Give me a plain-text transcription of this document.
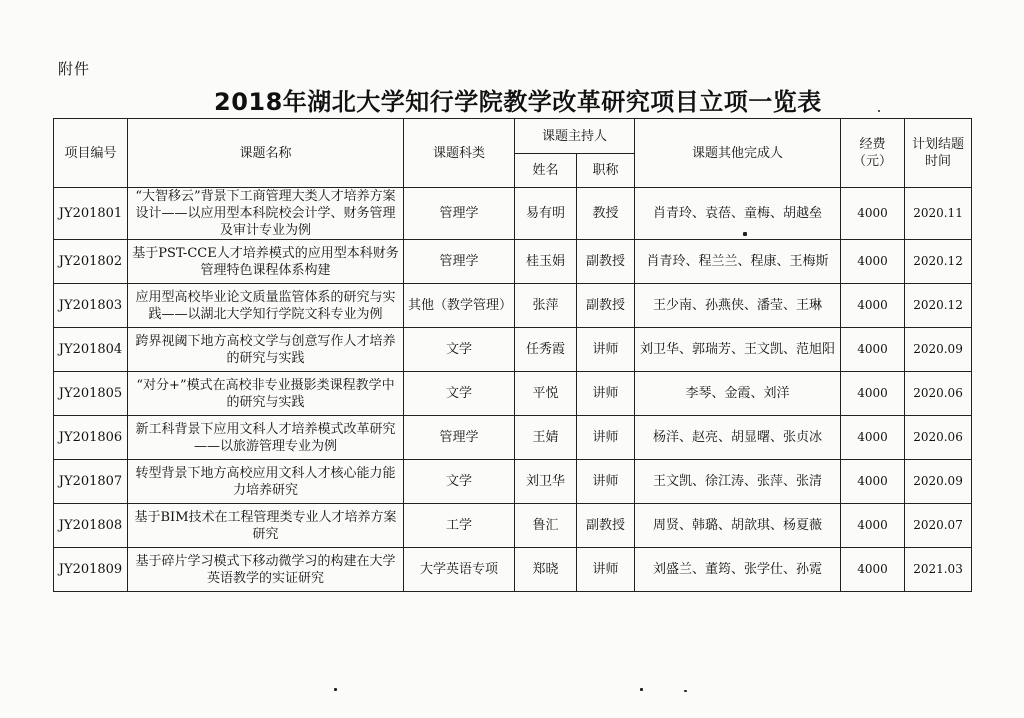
附件
2018年湖北大学知行学院教学改革研究项目立项一览表
项目编号	课题名称	课题科类	课题主持人		课题其他完成人	经费（元）	计划结题时间
			姓名	职称			
JY201801	“大智移云”背景下工商管理大类人才培养方案设计——以应用型本科院校会计学、财务管理及审计专业为例	管理学	易有明	教授	肖青玲、袁蓓、童梅、胡越垒	4000	2020.11
JY201802	基于PST-CCE人才培养模式的应用型本科财务管理特色课程体系构建	管理学	桂玉娟	副教授	肖青玲、程兰兰、程康、王梅斯	4000	2020.12
JY201803	应用型高校毕业论文质量监管体系的研究与实践——以湖北大学知行学院文科专业为例	其他（教学管理）	张萍	副教授	王少南、孙燕侠、潘莹、王琳	4000	2020.12
JY201804	跨界视阈下地方高校文学与创意写作人才培养的研究与实践	文学	任秀霞	讲师	刘卫华、郭瑞芳、王文凯、范旭阳	4000	2020.09
JY201805	“对分+”模式在高校非专业摄影类课程教学中的研究与实践	文学	平悦	讲师	李琴、金霞、刘洋	4000	2020.06
JY201806	新工科背景下应用文科人才培养模式改革研究——以旅游管理专业为例	管理学	王婧	讲师	杨洋、赵亮、胡显曙、张贞冰	4000	2020.06
JY201807	转型背景下地方高校应用文科人才核心能力能力培养研究	文学	刘卫华	讲师	王文凯、徐江涛、张萍、张清	4000	2020.09
JY201808	基于BIM技术在工程管理类专业人才培养方案研究	工学	鲁汇	副教授	周贤、韩璐、胡歆琪、杨夏薇	4000	2020.07
JY201809	基于碎片学习模式下移动微学习的构建在大学英语教学的实证研究	大学英语专项	郑晓	讲师	刘盛兰、董筠、张学仕、孙霓	4000	2021.03
